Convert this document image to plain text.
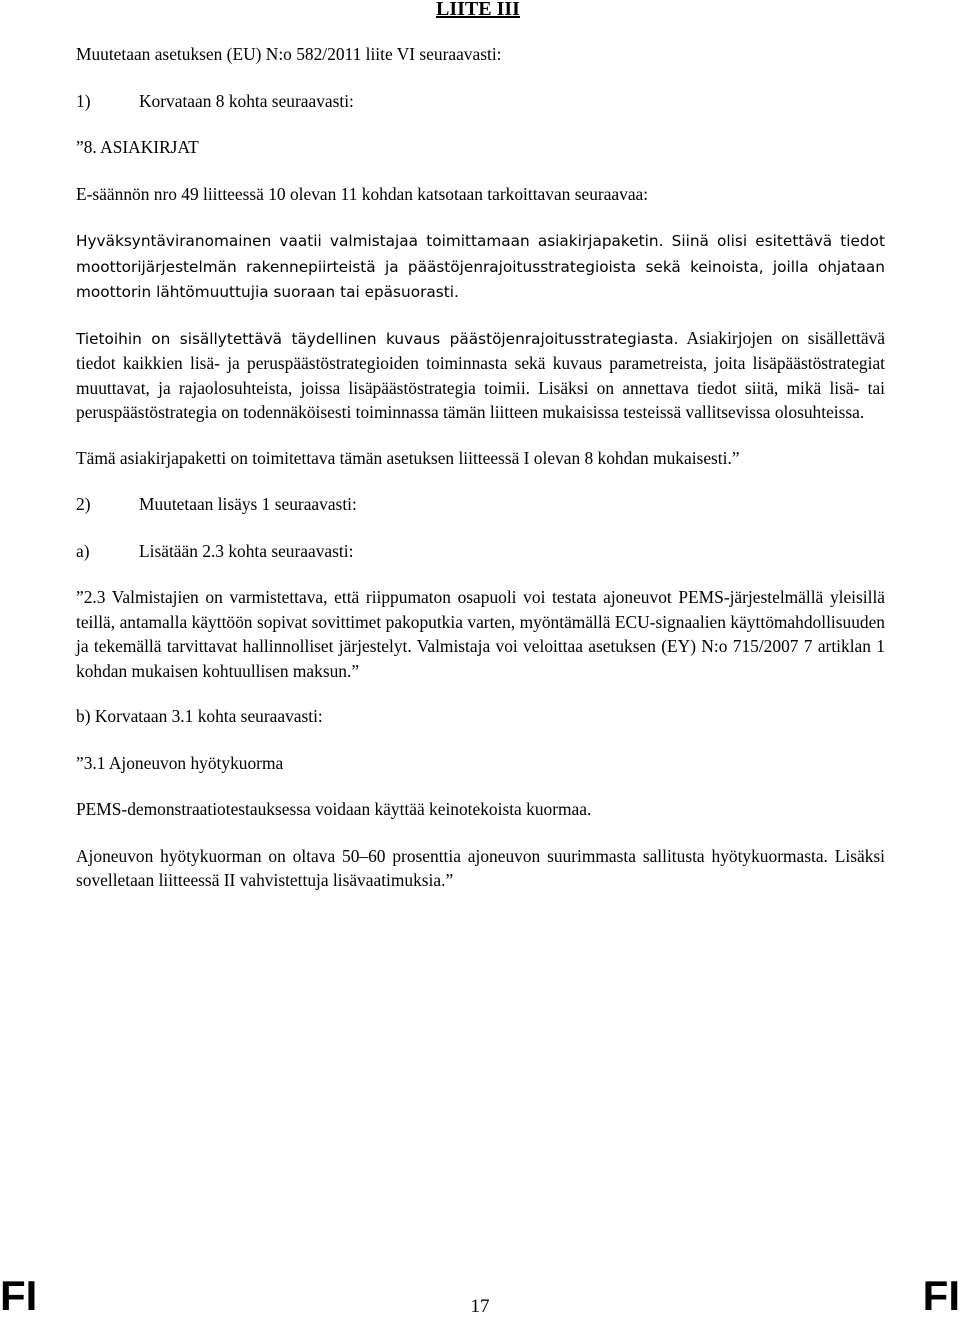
LIITE III

Muutetaan asetuksen (EU) N:o 582/2011 liite VI seuraavasti:

1)	Korvataan 8 kohta seuraavasti:

”8. ASIAKIRJAT

E-säännön nro 49 liitteessä 10 olevan 11 kohdan katsotaan tarkoittavan seuraavaa:

Hyväksyntäviranomainen vaatii valmistajaa toimittamaan asiakirjapaketin. Siinä olisi esitettävä tiedot moottorijärjestelmän rakennepiirteistä ja päästöjenrajoitusstrategioista sekä keinoista, joilla ohjataan moottorin lähtömuuttujia suoraan tai epäsuorasti.

Tietoihin on sisällytettävä täydellinen kuvaus päästöjenrajoitusstrategiasta. Asiakirjojen on sisällettävä tiedot kaikkien lisä- ja peruspäästöstrategioiden toiminnasta sekä kuvaus parametreista, joita lisäpäästöstrategiat muuttavat, ja rajaolosuhteista, joissa lisäpäästöstrategia toimii. Lisäksi on annettava tiedot siitä, mikä lisä- tai peruspäästöstrategia on todennäköisesti toiminnassa tämän liitteen mukaisissa testeissä vallitsevissa olosuhteissa.

Tämä asiakirjapaketti on toimitettava tämän asetuksen liitteessä I olevan 8 kohdan mukaisesti.”

2)	Muutetaan lisäys 1 seuraavasti:
a)	Lisätään 2.3 kohta seuraavasti:

”2.3 Valmistajien on varmistettava, että riippumaton osapuoli voi testata ajoneuvot PEMS-järjestelmällä yleisillä teillä, antamalla käyttöön sopivat sovittimet pakoputkia varten, myöntämällä ECU-signaalien käyttömahdollisuuden ja tekemällä tarvittavat hallinnolliset järjestelyt. Valmistaja voi veloittaa asetuksen (EY) N:o 715/2007 7 artiklan 1 kohdan mukaisen kohtuullisen maksun.”

b) Korvataan 3.1 kohta seuraavasti:

”3.1 Ajoneuvon hyötykuorma

PEMS-demonstraatiotestauksessa voidaan käyttää keinotekoista kuormaa.

Ajoneuvon hyötykuorman on oltava 50–60 prosenttia ajoneuvon suurimmasta sallitusta hyötykuormasta. Lisäksi sovelletaan liitteessä II vahvistettuja lisävaatimuksia.”

FI	17	FI
